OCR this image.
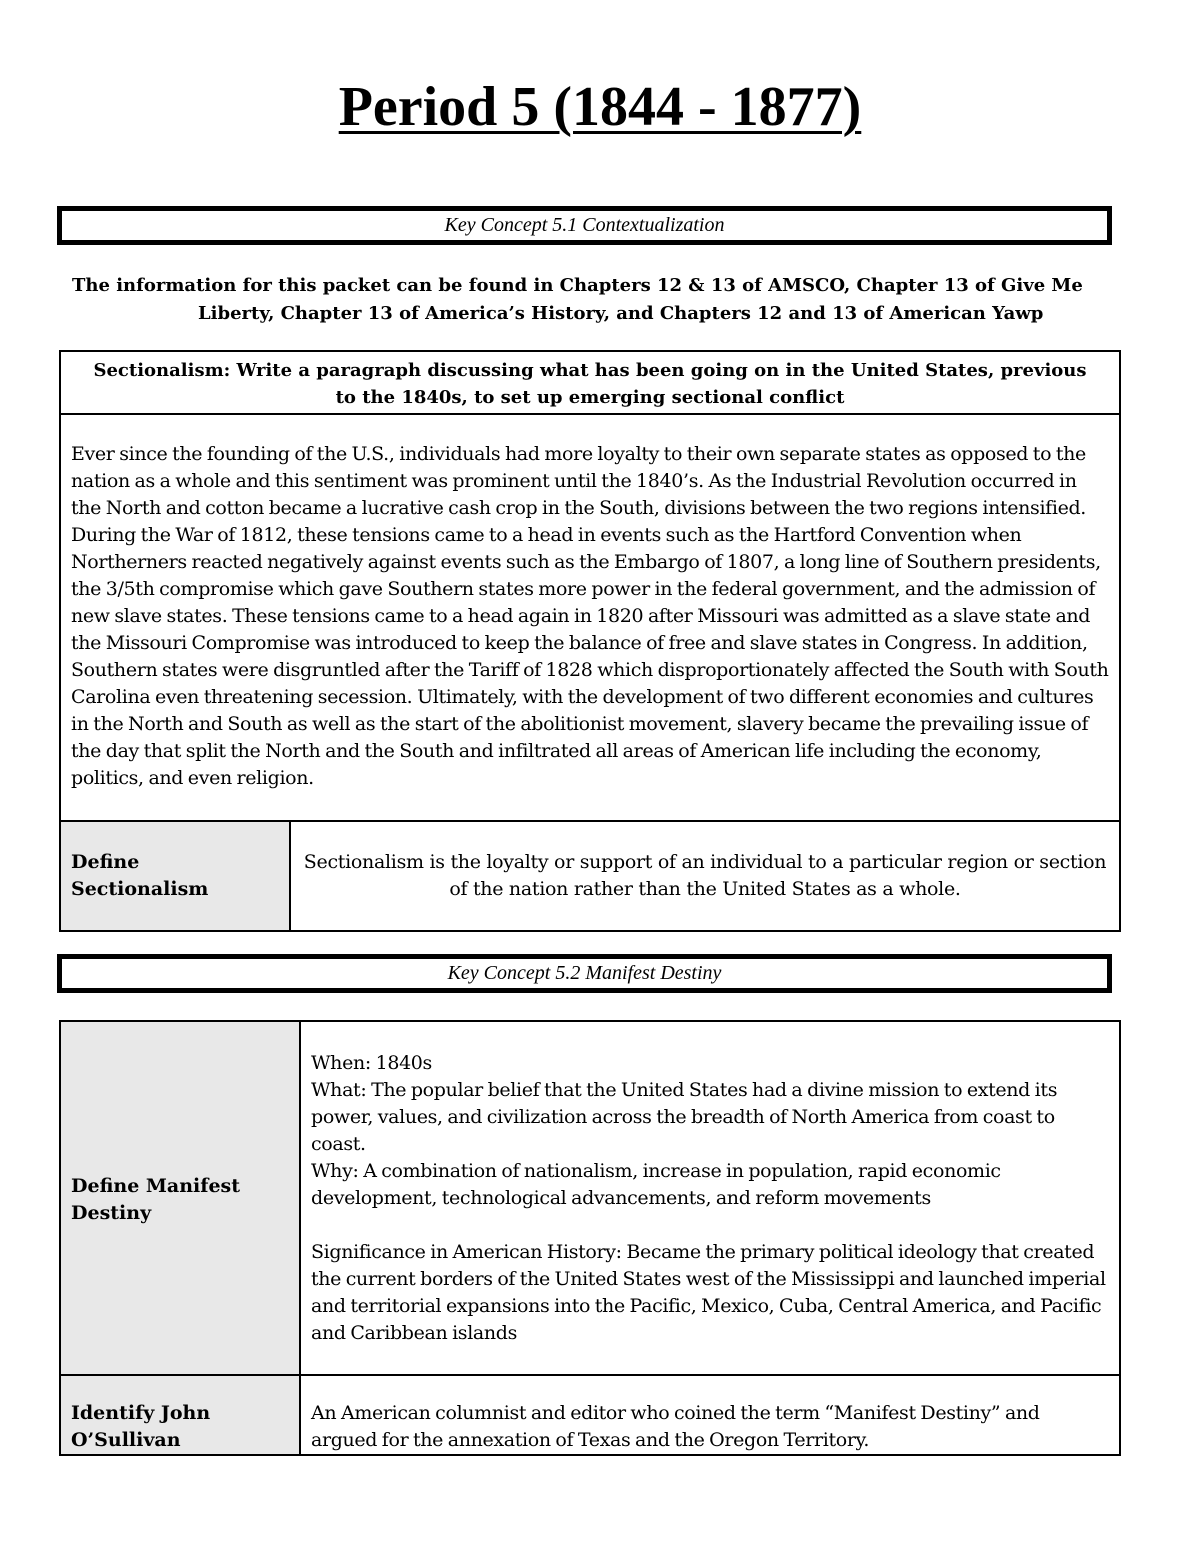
Period 5 (1844 - 1877)
Key Concept 5.1 Contextualization
The information for this packet can be found in Chapters 12 & 13 of AMSCO, Chapter 13 of Give Me
Liberty, Chapter 13 of America’s History, and Chapters 12 and 13 of American Yawp
Sectionalism: Write a paragraph discussing what has been going on in the United States, previous to the 1840s, to set up emerging sectional conflict
Ever since the founding of the U.S., individuals had more loyalty to their own separate states as opposed to the nation as a whole and this sentiment was prominent until the 1840’s. As the Industrial Revolution occurred in the North and cotton became a lucrative cash crop in the South, divisions between the two regions intensified. During the War of 1812, these tensions came to a head in events such as the Hartford Convention when Northerners reacted negatively against events such as the Embargo of 1807, a long line of Southern presidents, the 3/5th compromise which gave Southern states more power in the federal government, and the admission of new slave states. These tensions came to a head again in 1820 after Missouri was admitted as a slave state and the Missouri Compromise was introduced to keep the balance of free and slave states in Congress. In addition, Southern states were disgruntled after the Tariff of 1828 which disproportionately affected the South with South Carolina even threatening secession. Ultimately, with the development of two different economies and cultures in the North and South as well as the start of the abolitionist movement, slavery became the prevailing issue of the day that split the North and the South and infiltrated all areas of American life including the economy, politics, and even religion.
Define Sectionalism	Sectionalism is the loyalty or support of an individual to a particular region or section of the nation rather than the United States as a whole.
Key Concept 5.2 Manifest Destiny
Define Manifest Destiny	When: 1840s
What: The popular belief that the United States had a divine mission to extend its power, values, and civilization across the breadth of North America from coast to coast.
Why: A combination of nationalism, increase in population, rapid economic development, technological advancements, and reform movements
Significance in American History: Became the primary political ideology that created the current borders of the United States west of the Mississippi and launched imperial and territorial expansions into the Pacific, Mexico, Cuba, Central America, and Pacific and Caribbean islands

Identify John O’Sullivan	An American columnist and editor who coined the term “Manifest Destiny” and argued for the annexation of Texas and the Oregon Territory.
